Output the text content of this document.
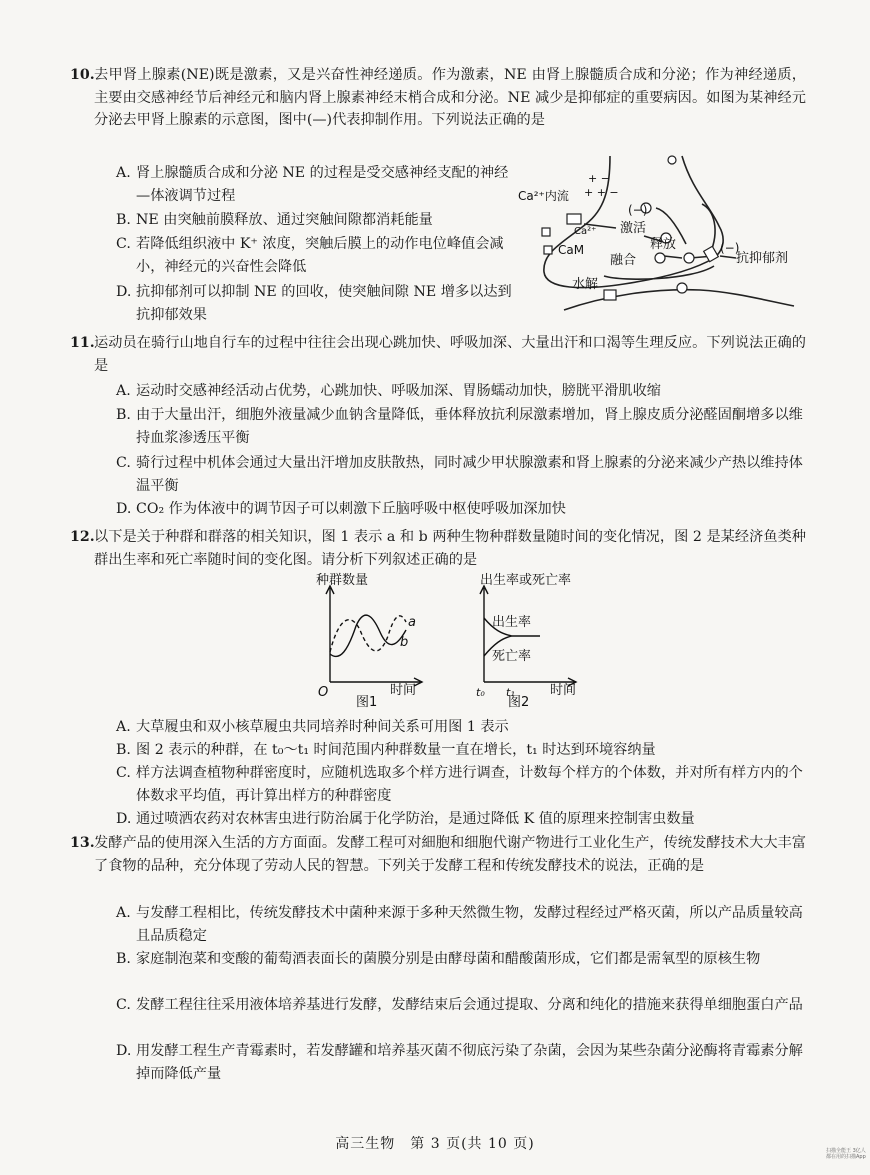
10. 去甲肾上腺素(NE)既是激素，又是兴奋性神经递质。作为激素，NE 由肾上腺髓质合成和分泌；作为神经递质，主要由交感神经节后神经元和脑内肾上腺素神经末梢合成和分泌。NE 减少是抑郁症的重要病因。如图为某神经元分泌去甲肾上腺素的示意图，图中(—)代表抑制作用。下列说法正确的是

A. 肾上腺髓质合成和分泌 NE 的过程是受交感神经支配的神经—体液调节过程
B. NE 由突触前膜释放、通过突触间隙都消耗能量
C. 若降低组织液中 K⁺ 浓度，突触后膜上的动作电位峰值会减小，神经元的兴奋性会降低
D. 抗抑郁剂可以抑制 NE 的回收，使突触间隙 NE 增多以达到抗抑郁效果
Ca²⁺内流
Ca²⁺
CaM
激活
释放
融合
水解
抗抑郁剂
(−)
(−)
+ −
+ + −
11. 运动员在骑行山地自行车的过程中往往会出现心跳加快、呼吸加深、大量出汗和口渴等生理反应。下列说法正确的是

A. 运动时交感神经活动占优势，心跳加快、呼吸加深、胃肠蠕动加快，膀胱平滑肌收缩
B. 由于大量出汗，细胞外液量减少血钠含量降低，垂体释放抗利尿激素增加，肾上腺皮质分泌醛固酮增多以维持血浆渗透压平衡
C. 骑行过程中机体会通过大量出汗增加皮肤散热，同时减少甲状腺激素和肾上腺素的分泌来减少产热以维持体温平衡
D. CO₂ 作为体液中的调节因子可以刺激下丘脑呼吸中枢使呼吸加深加快
12. 以下是关于种群和群落的相关知识，图 1 表示 a 和 b 两种生物种群数量随时间的变化情况，图 2 是某经济鱼类种群出生率和死亡率随时间的变化图。请分析下列叙述正确的是

种群数量
O	时间
a
b
图1
出生率或死亡率
出生率
死亡率
t₀ t₁	时间
图2
A. 大草履虫和双小核草履虫共同培养时种间关系可用图 1 表示
B. 图 2 表示的种群，在 t₀～t₁ 时间范围内种群数量一直在增长，t₁ 时达到环境容纳量
C. 样方法调查植物种群密度时，应随机选取多个样方进行调查，计数每个样方的个体数，并对所有样方内的个体数求平均值，再计算出样方的种群密度
D. 通过喷洒农药对农林害虫进行防治属于化学防治，是通过降低 K 值的原理来控制害虫数量
13. 发酵产品的使用深入生活的方方面面。发酵工程可对細胞和细胞代谢产物进行工业化生产，传统发酵技术大大丰富了食物的品种，充分体现了劳动人民的智慧。下列关于发酵工程和传统发酵技术的说法，正确的是

A. 与发酵工程相比，传统发酵技术中菌种来源于多种天然微生物，发酵过程经过严格灭菌，所以产品质量较高且品质稳定
B. 家庭制泡菜和变酸的葡萄酒表面长的菌膜分别是由酵母菌和醋酸菌形成，它们都是需氧型的原核生物
C. 发酵工程往往采用液体培养基进行发酵，发酵结束后会通过提取、分离和纯化的措施来获得单细胞蛋白产品
D. 用发酵工程生产青霉素时，若发酵罐和培养基灭菌不彻底污染了杂菌，会因为某些杂菌分泌酶将青霉素分解掉而降低产量
高三生物　第 3 页(共 10 页)	扫描全能王 3亿人都在用的扫描App
